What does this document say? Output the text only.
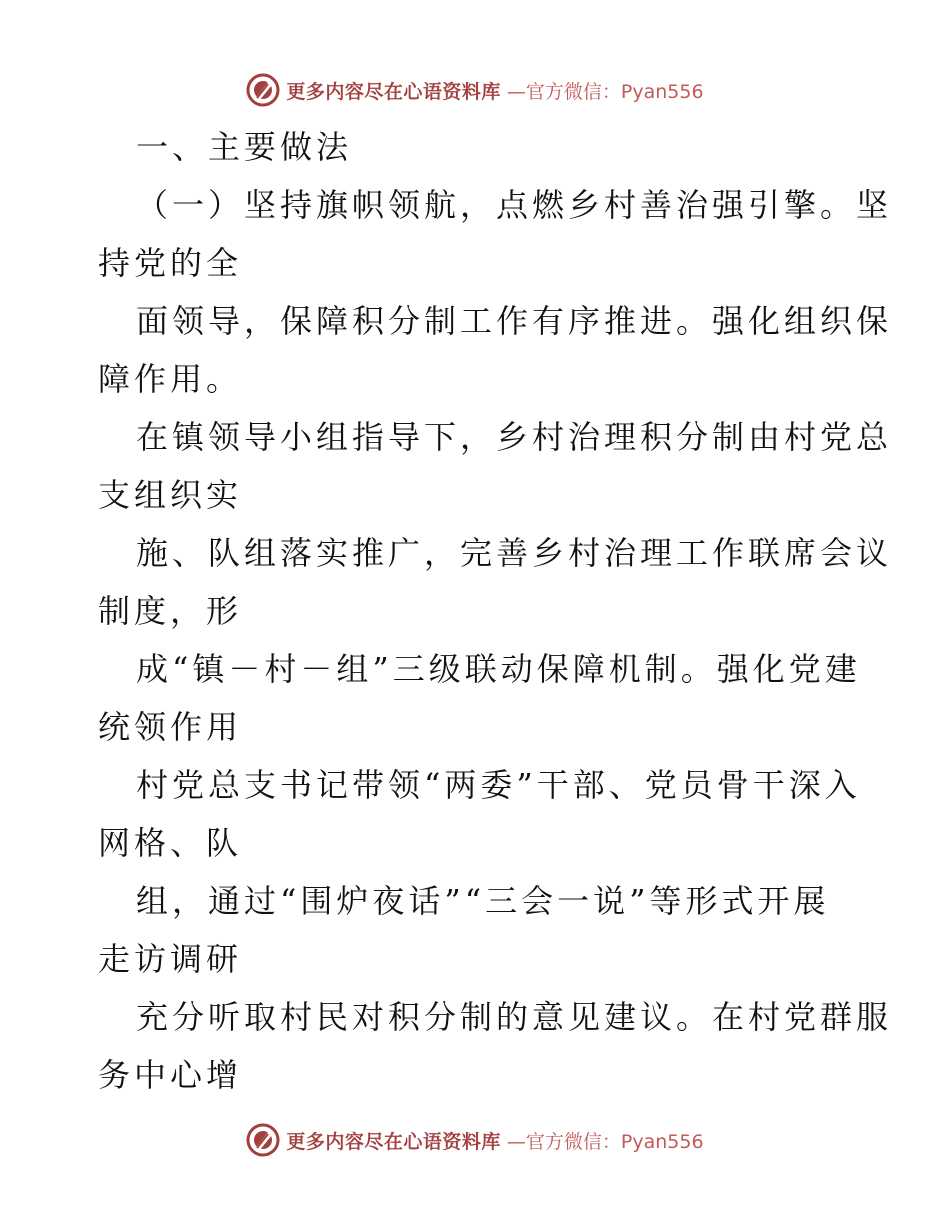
更多内容尽在心语资料库 —官方微信：Pyan556
一、主要做法
（一）坚持旗帜领航，点燃乡村善治强引擎。坚
持党的全
面领导，保障积分制工作有序推进。强化组织保
障作用。
在镇领导小组指导下，乡村治理积分制由村党总
支组织实
施、队组落实推广，完善乡村治理工作联席会议
制度，形
成“镇－村－组”三级联动保障机制。强化党建
统领作用
村党总支书记带领“两委”干部、党员骨干深入
网格、队
组，通过“围炉夜话”“三会一说”等形式开展
走访调研
充分听取村民对积分制的意见建议。在村党群服
务中心增
更多内容尽在心语资料库 —官方微信：Pyan556
